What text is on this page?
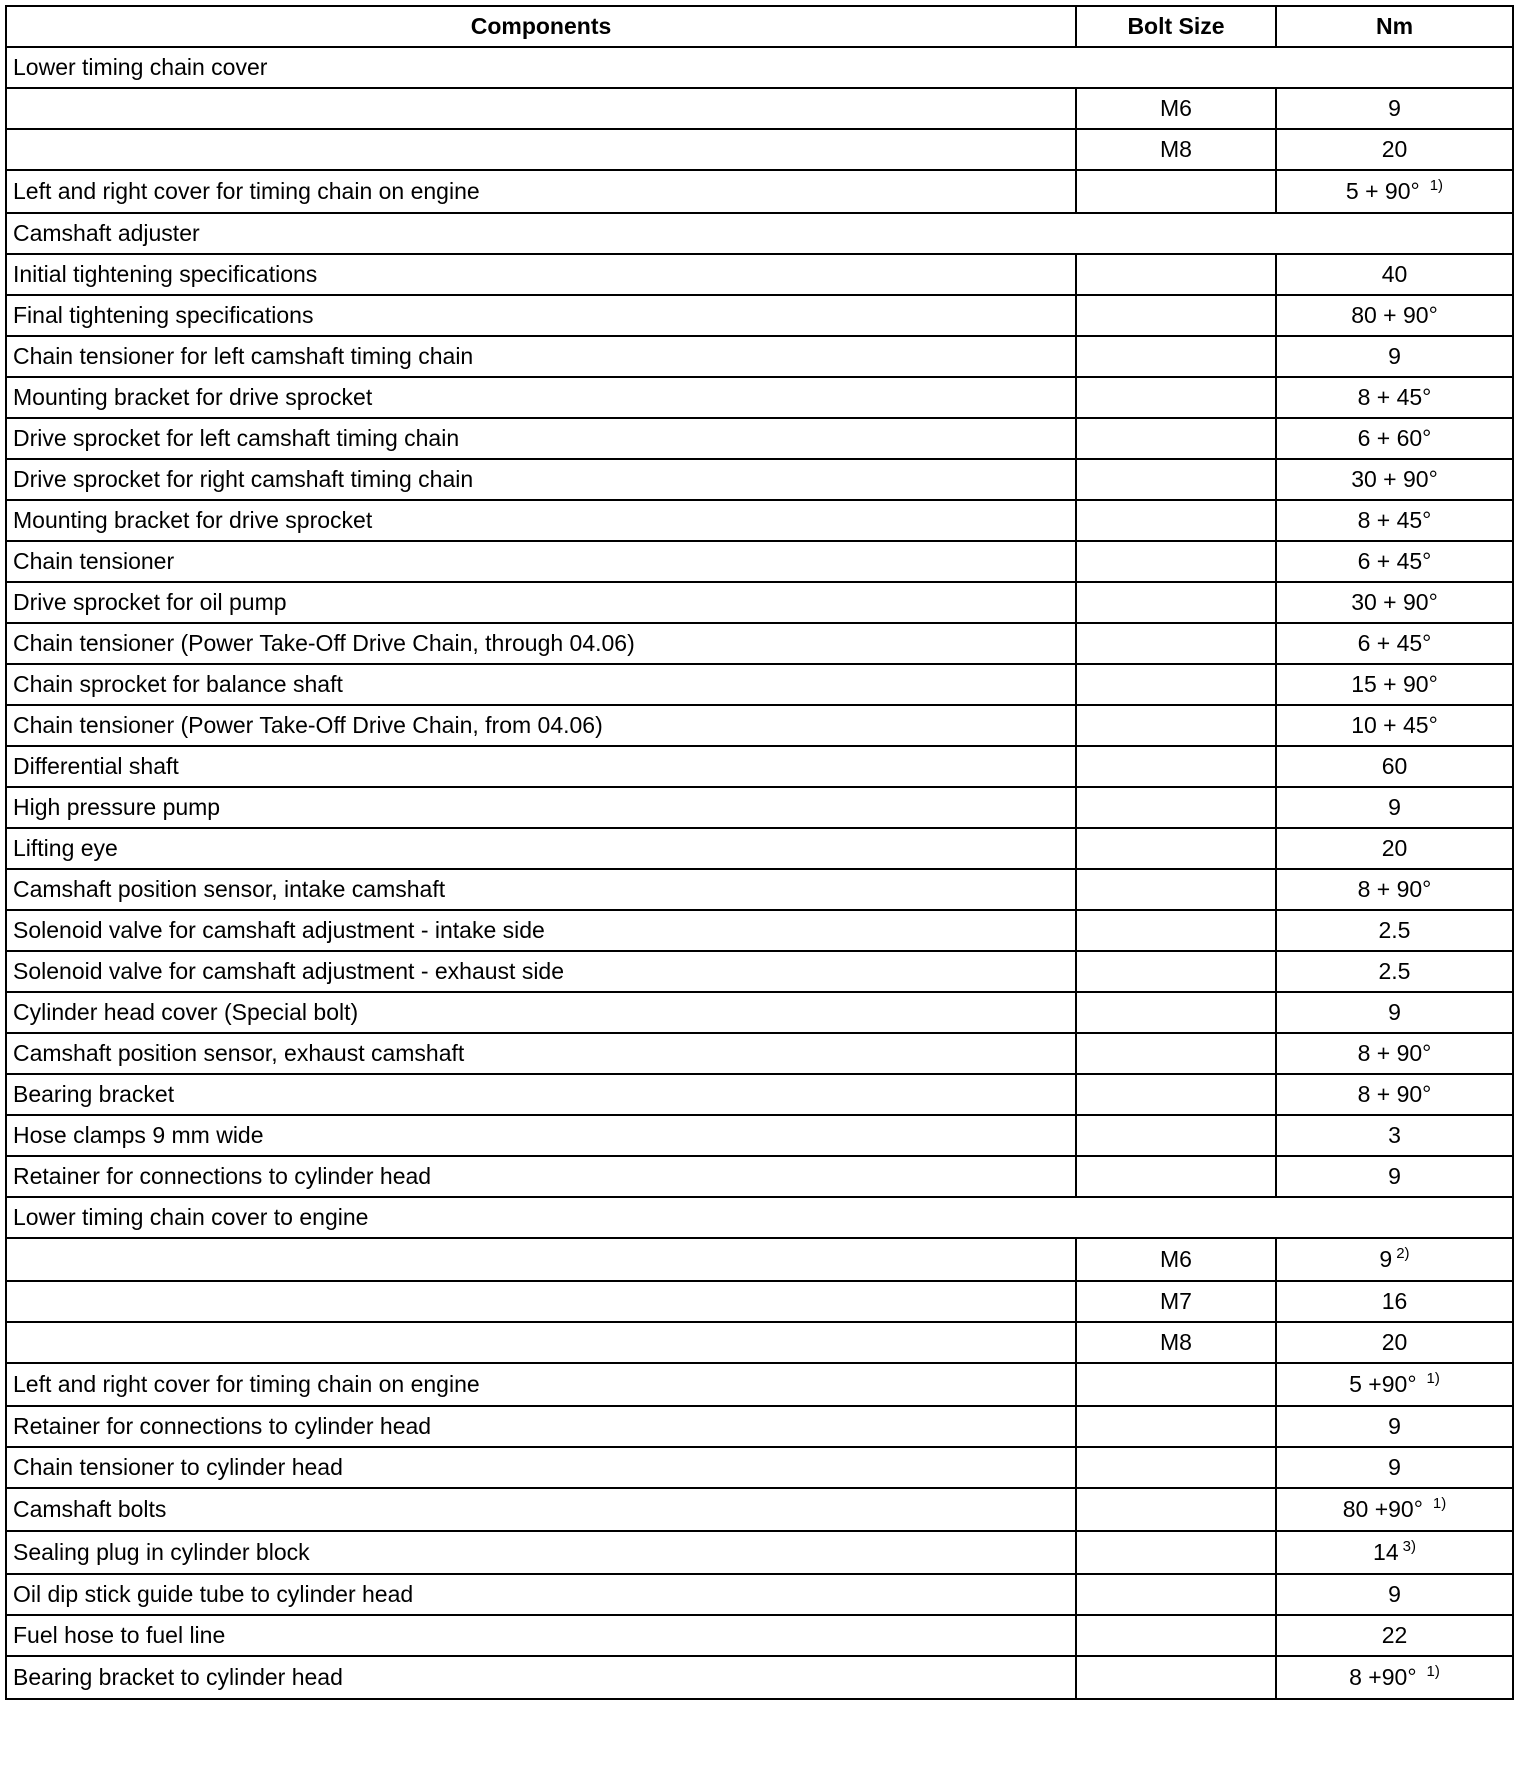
Components	Bolt Size	Nm
Lower timing chain cover		
	M6	9
	M8	20
Left and right cover for timing chain on engine		5 + 90° $^{1)}$
Camshaft adjuster		
Initial tightening specifications		40
Final tightening specifications		80 + 90°
Chain tensioner for left camshaft timing chain		9
Mounting bracket for drive sprocket		8 + 45°
Drive sprocket for left camshaft timing chain		6 + 60°
Drive sprocket for right camshaft timing chain		30 + 90°
Mounting bracket for drive sprocket		8 + 45°
Chain tensioner		6 + 45°
Drive sprocket for oil pump		30 + 90°
Chain tensioner (Power Take-Off Drive Chain, through 04.06)		6 + 45°
Chain sprocket for balance shaft		15 + 90°
Chain tensioner (Power Take-Off Drive Chain, from 04.06)		10 + 45°
Differential shaft		60
High pressure pump		9
Lifting eye		20
Camshaft position sensor, intake camshaft		8 + 90°
Solenoid valve for camshaft adjustment - intake side		2.5
Solenoid valve for camshaft adjustment - exhaust side		2.5
Cylinder head cover (Special bolt)		9
Camshaft position sensor, exhaust camshaft		8 + 90°
Bearing bracket		8 + 90°
Hose clamps 9 mm wide		3
Retainer for connections to cylinder head		9
Lower timing chain cover to engine		
	M6	9 $^{2)}$
	M7	16
	M8	20
Left and right cover for timing chain on engine		5 +90° $^{1)}$
Retainer for connections to cylinder head		9
Chain tensioner to cylinder head		9
Camshaft bolts		80 +90° $^{1)}$
Sealing plug in cylinder block		14 $^{3)}$
Oil dip stick guide tube to cylinder head		9
Fuel hose to fuel line		22
Bearing bracket to cylinder head		8 +90° $^{1)}$
